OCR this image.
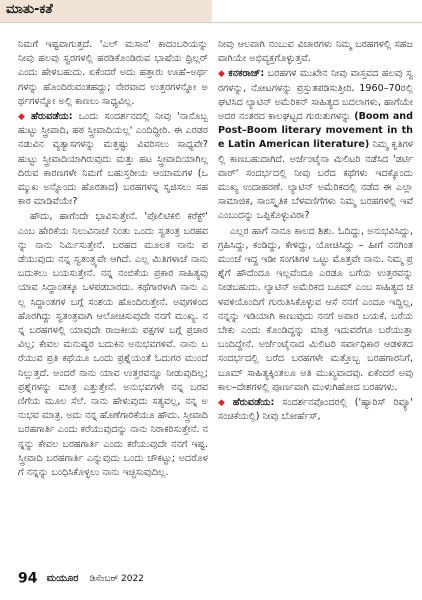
ಮಾತು-ಕತೆ

ನಿಮಗೆ ಇಷ್ಟವಾಗುತ್ತದೆ. 'ಎಲ್ ಮಸಾನ' ಕಾದಂಬರಿಯನ್ನು ನೀವು ಹಲವು ಸ್ವರಗಳಲ್ಲಿ ಹರಡಿಕೊಂಡಿರುವ ಭಾಷೆಯ ಥ್ರಿಲ್ಲರ್ ಎಂದು ಹೇಳಬಹುದು. ಏಕೆಂದರೆ ಅದು ಹತ್ತಾರು ಊಹೆ–ಅರ್ಥಗಳನ್ನು ಹೊಂದಿರುವಂತಹದ್ದು; ನೇರವಾದ ಉತ್ತರಗಳನ್ನೋ ಅರ್ಥಗಳನ್ನೋ ಅಲ್ಲಿ ಕಾಣಲು ಸಾಧ್ಯವಿಲ್ಲ.

◆ ಹೆರುವಡೆಯ: ಒಂದು ಸಂದರ್ಶನದಲ್ಲಿ ನೀವು 'ನಾನೊಬ್ಬ ಹುಟ್ಟು ಸ್ತ್ರೀವಾದಿ, ಹಠ ಸ್ತ್ರೀವಾದಿಯಲ್ಲ' ಎಂದಿದ್ದೀರಿ. ಈ ಎರಡರ ನಡುವಿನ ವ್ಯತ್ಯಾಸಗಳನ್ನು ಮತ್ತಷ್ಟು ವಿವರಿಸಲು ಸಾಧ್ಯವೇ? ಹುಟ್ಟು ಸ್ತ್ರೀವಾದಿಯಾಗಿರುವುದು ಮತ್ತು ಹಟ ಸ್ತ್ರೀವಾದಿಯಾಗಿಲ್ಲದಿರುವ ಕಾರಣಗಳೇ ನಿಮಗೆ ಬಹುಸ್ತರೀಯ ಆಯಾಮಗಳ (ಒಮ್ಮುಖ ಅನ್ನೊಂದು ಹೊರತಾದ) ಬರಹಗಳನ್ನ ಸೃಜಿಸಲು ಸಹಕಾರ ಮಾಡಿವೆಯೇ?

ಹೌದು, ಹಾಗೆಂದೇ ಭಾವಿಸುತ್ತೇನೆ. 'ಪೊಲಿಟಿಕಲಿ ಕರೆಕ್ಟ್' ಎಂಬ ಹೇರಿಕೆಯ ನಿಲುವಿನಾಚೆ ನಿಂತು ಒಂದು ಸ್ವತಂತ್ರ ಬರಹವನ್ನು ನಾನು ನಿರ್ಮಿಸುತ್ತೇನೆ. ಬರಹದ ಮೂಲಕ ನಾನು ಪಡೆಯುವುದು ನನ್ನ ಸ್ವತಂತ್ರ್ಯವೇ ಆಗಿದೆ. ಎಲ್ಲ ಮಿತಿಗಳಾಚೆ ನಾನು ಬದುಕಲು ಬಯಸುತ್ತೇನೆ. ನನ್ನ ನಂಬಿಕೆಯ ಪ್ರಕಾರ ಸಾಹಿತ್ಯವು ಯಾವ ಸಿದ್ಧಾಂತಕ್ಕೂ ಒಳಪಡಬಾರದು. ಕಥೆಗಾರಳಾಗಿ ನಾನು ಎಲ್ಲ ಸಿದ್ಧಾಂತಗಳ ಬಗ್ಗೆ ಸಂಶಯ ಹೊಂದಿರುತ್ತೇನೆ. ಅವುಗಳಿಂದ ಹೊರಗಿದ್ದು ಸ್ವತಂತ್ರವಾಗಿ ಆಲೋಚಿಸುವುದೇ ನನಗೆ ಮುಖ್ಯ. ನನ್ನ ಬರಹಗಳಲ್ಲಿ ಯಾವುದೇ ರಾಜಕೀಯ ಪಕ್ಷಗಳ ಬಗ್ಗೆ ಪ್ರಚಾರವಿಲ್ಲ; ಕೇವಲ ಮನುಷ್ಯರ ಬದುಕಿನ ಅನುಭವಗಳಿವೆ. ನಾನು ಬರೆಯುವ ಪ್ರತಿ ಕಥೆಯೂ ಒಂದು ಪ್ರಶ್ನೆಯಂತೆ ಓದುಗರ ಮುಂದೆ ನಿಲ್ಲುತ್ತದೆ. ಅಂದರೆ ನಾನು ಯಾವ ಉತ್ತರವನ್ನೂ ನೀಡುವುದಿಲ್ಲ; ಪ್ರಶ್ನೆಗಳನ್ನು ಮಾತ್ರ ಎತ್ತುತ್ತೇನೆ. ಅನುಭವಗಳೇ ನನ್ನ ಬರವಣಿಗೆಯ ಮೂಲ ಸೆಲೆ. ನಾನು ಹೇಳುವುದು ಸತ್ಯವಲ್ಲ, ನನ್ನ ಅನುಭವ ಮಾತ್ರ. ಅದು ನನ್ನ ಹೊಣೆಗಾರಿಕೆಯೂ ಹೌದು. ಸ್ತ್ರೀವಾದಿ ಬರಹಗಾರ್ತಿ ಎಂದು ಕರೆಯುವುದನ್ನು ನಾನು ನಿರಾಕರಿಸುತ್ತೇನೆ. ನನ್ನನ್ನು ಕೇವಲ ಬರಹಗಾರ್ತಿ ಎಂದು ಕರೆಯುವುದೇ ನನಗೆ ಇಷ್ಟ. ಸ್ತ್ರೀವಾದಿ ಬರಹಗಾರ್ತಿ ಎನ್ನುವುದು ಒಂದು ಚೌಕಟ್ಟು; ಅದರೊಳಗೆ ನನ್ನನ್ನು ಬಂಧಿಸಿಕೊಳ್ಳಲು ನಾನು ಇಚ್ಛಿಸುವುದಿಲ್ಲ.

ನೀವು ಆಲವಾಗಿ ನಂಬುವ ವಿಚಾರಗಳು ನಿಮ್ಮ ಬರಹಗಳಲ್ಲಿ ಸಹಜವಾಗಿಯೇ ಅಭಿವ್ಯಕ್ತಗೊಳ್ಳುತ್ತವೆ.

◆ ಕನಕರಾಜ್: ಬರಹಗಳ ಮುಖೇನ ನೀವು ವಾಸ್ತವದ ಹಲವು ಸ್ವರಗಳನ್ನು, ನೋಟಗಳನ್ನು ಪ್ರಸ್ತುತಪಡಿಸುತ್ತೀರಿ. 1960–70ರಲ್ಲಿ ಘಟಿಸಿದ ಲ್ಯಾಟಿನ್ ಅಮೆರಿಕನ್ ಸಾಹಿತ್ಯದ ಬದಲಾಗಳು, ಹಾಗೆಯೇ ಅದರ ನಂತರದ ಕಾಲಘಟ್ಟದ ಗುರುತುಗಳನ್ನು (Boom and Post–Boom literary movement in the Latin American literature) ನಿಮ್ಮ ಕೃತಿಗಳಲ್ಲಿ ಕಾಣಬಹುದಾಗಿದೆ. ಅರ್ಜೆಂಟೈನಾ ಮಿಲಿಟರಿ ನಡೆಸಿದ 'ಡರ್ಟಿ ವಾರ್' ಸಂದರ್ಭದಲ್ಲಿ ನೀವು ಬರೆದ ಕಥೆಗಳು ಇದಕ್ಕೊಂದು ಮುಖ್ಯ ಉದಾಹರಣೆ. ಲ್ಯಾಟಿನ್ ಅಮೆರಿಕದಲ್ಲಿ ನಡೆದ ಈ ಎಲ್ಲಾ ಸಾಮಾಜಿಕ, ಸಾಂಸ್ಕೃತಿಕ ಬೆಳವಣಿಗೆಗಳು ನಿಮ್ಮ ಬರಹಗಳಲ್ಲಿ ಇವೆ ಎಂಬುದನ್ನು ಒಪ್ಪಿಕೊಳ್ಳುವಿರಾ?

ಎಲ್ಲರ ಹಾಗೆ ನಾನೂ ಕಾಲದ ಶಿಶು. ಓದಿದ್ದು, ಅನುಭವಿಸಿದ್ದು, ಗ್ರಹಿಸಿದ್ದು, ಕಂಡಿದ್ದು, ಕೇಳಿದ್ದು, ಯೋಚಿಸಿದ್ದು – ಹೀಗೆ ನನಗಿಂತ ಮುಂಚೆ ಇದ್ದ ಇಡೀ ಸಂಗತಿಗಳ ಒಟ್ಟು ಮೊತ್ತವೇ ನಾನು. ನಿಮ್ಮ ಪ್ರಶ್ನೆಗೆ ಹೌದೆಂದೂ ಇಲ್ಲವೆಂದೂ ಎರಡೂ ಬಗೆಯ ಉತ್ತರವನ್ನು ನೀಡಬಹುದು. ಲ್ಯಾಟಿನ್ ಅಮೆರಿಕದ ಬೂಮ್ ಎಂಬ ಸಾಹಿತ್ಯದ ಚಳವಳಿಯೊಂದಿಗೆ ಗುರುತಿಸಿಕೊಳ್ಳುವ ಆಸೆ ನನಗೆ ಎಂದೂ ಇದ್ದಿಲ್ಲ, ನನ್ನನ್ನು ಇಡಿಯಾಗಿ ಕಾಣುವುದು ನನಗೆ ಅಪಾರ ಬಯಕೆ. ಬರೆಯಬೇಕು ಎಂದು ಕೊಂಡಿದ್ದನ್ನು ಮಾತ್ರ ಇದುವರೆಗೂ ಬರೆಯುತ್ತಾ ಬಂದಿದ್ದೇನೆ. ಅರ್ಜೆಂಟೈನಾದ ಮಿಲಿಟರಿ ಸರ್ವಾಧಿಕಾರ ಆಡಳಿತದ ಸಂದರ್ಭದಲ್ಲಿ ಬರೆದ ಬರಹಗಳೇ ಮತ್ತೊಬ್ಬ ಬರಹಗಾರನಿಗೆ, ಬೂಮ್ ಸಾಹಿತ್ಯಕ್ಕಿಂತಲೂ ಅತಿ ಮುಖ್ಯವಾದವು. ಏಕೆಂದರೆ ಅವು ಕಾಲ–ದೇಶಗಳಲ್ಲಿ ಪೂರ್ಣವಾಗಿ ಮುಳುಗಿಹೋದ ಬರಹಗಳು.

◆ ಹೆರುವಡೆಯ: ಸಂದರ್ಶನವೊಂದರಲ್ಲಿ ('ಹ್ಯಾರಿಸ್ ರಿವ್ಯೂ' ಸಂಚಿಕೆಯಲ್ಲಿ) ನೀವು ಬೋರ್ಹೆಸ್,

94 ಮಯೂರ ಡಿಸೆಂಬರ್ 2022
